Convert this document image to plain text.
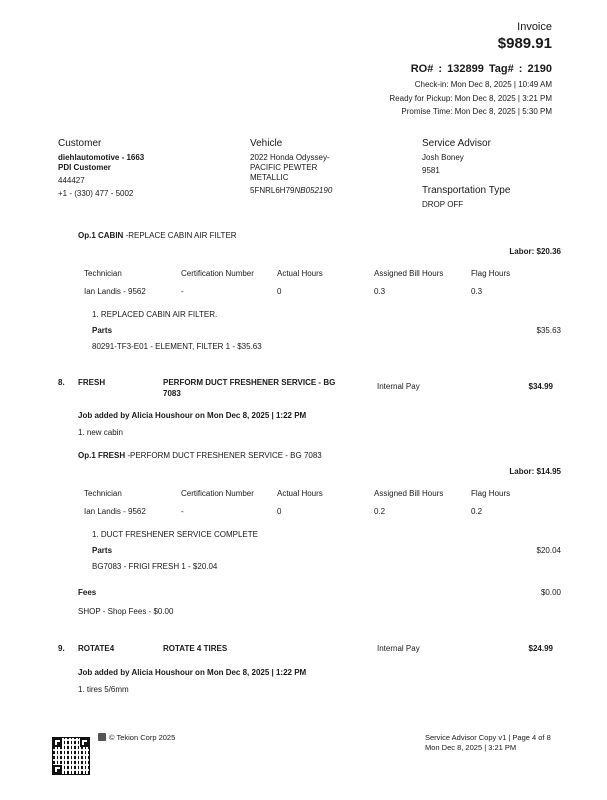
Invoice
$989.91
RO# : 132899 Tag# : 2190
Check-in: Mon Dec 8, 2025 | 10:49 AM
Ready for Pickup: Mon Dec 8, 2025 | 3:21 PM
Promise Time: Mon Dec 8, 2025 | 5:30 PM
Customer
diehlautomotive - 1663
PDI Customer
444427
+1 - (330) 477 - 5002
Vehicle
2022 Honda Odyssey-
PACIFIC PEWTER
METALLIC
5FNRL6H79NB052190
Service Advisor
Josh Boney
9581
Transportation Type
DROP OFF
Op.1 CABIN -REPLACE CABIN AIR FILTER
Labor: $20.36
Technician	Certification Number	Actual Hours	Assigned Bill Hours	Flag Hours
Ian Landis - 9562	-	0	0.3	0.3
1. REPLACED CABIN AIR FILTER.
Parts	$35.63
80291-TF3-E01 - ELEMENT, FILTER 1 - $35.63
8. FRESH	PERFORM DUCT FRESHENER SERVICE - BG
7083
Internal Pay	$34.99
Job added by Alicia Houshour on Mon Dec 8, 2025 | 1:22 PM
1. new cabin
Op.1 FRESH -PERFORM DUCT FRESHENER SERVICE - BG 7083
Labor: $14.95
Technician	Certification Number	Actual Hours	Assigned Bill Hours	Flag Hours
Ian Landis - 9562	-	0	0.2	0.2
1. DUCT FRESHENER SERVICE COMPLETE
Parts	$20.04
BG7083 - FRIGI FRESH 1 - $20.04
Fees	$0.00
SHOP - Shop Fees - $0.00
9. ROTATE4	ROTATE 4 TIRES	Internal Pay	$24.99
Job added by Alicia Houshour on Mon Dec 8, 2025 | 1:22 PM
1. tires 5/6mm
© Tekion Corp 2025	Service Advisor Copy v1 | Page 4 of 8
Mon Dec 8, 2025 | 3:21 PM
